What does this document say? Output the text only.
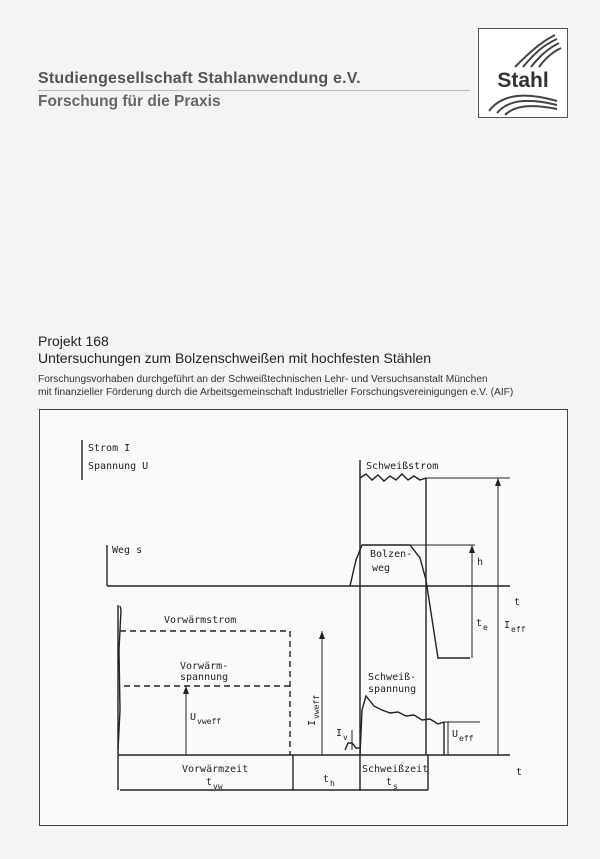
Studiengesellschaft Stahlanwendung e.V.
Forschung für die Praxis
Stahl
Projekt 168
Untersuchungen zum Bolzenschweißen mit hochfesten Stählen
Forschungsvorhaben durchgeführt an der Schweißtechnischen Lehr- und Versuchsanstalt München
mit finanzieller Förderung durch die Arbeitsgemeinschaft Industrieller Forschungsvereinigungen e.V. (AIF)
Strom I
Spannung U
Weg s
t
t
Schweißstrom
Bolzen-
weg
h
t e I eff
Vorwärmstrom
Vorwärm-
spannung
U vweff	I
vweff
I v
Schweiß-
spannung
U eff
Vorwärmzeit
t vw
t h
Schweißzeit
t s
